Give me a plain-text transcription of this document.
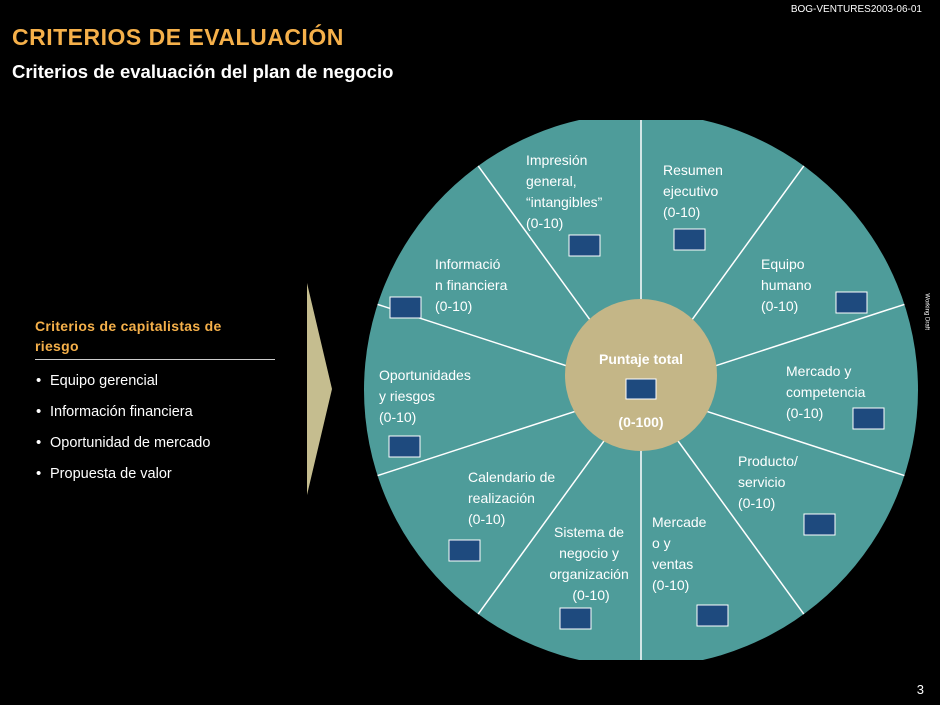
BOG-VENTURES2003-06-01
CRITERIOS DE EVALUACIÓN
Criterios de evaluación del plan de negocio
Working Draft
3
Criterios de capitalistas de
riesgo
• Equipo gerencial
• Información financiera
• Oportunidad de mercado
• Propuesta de valor
Puntaje total
(0-100)
Resumen ejecutivo (0-10)
Equipo humano (0-10)
Mercado y competencia (0-10)
Producto/ servicio (0-10)
Mercade o y ventas (0-10)
Sistema de negocio y organización (0-10)
Calendario de realización (0-10)
Oportunidades y riesgos (0-10)
Informació n financiera (0-10)
Impresión general, “intangibles” (0-10)
